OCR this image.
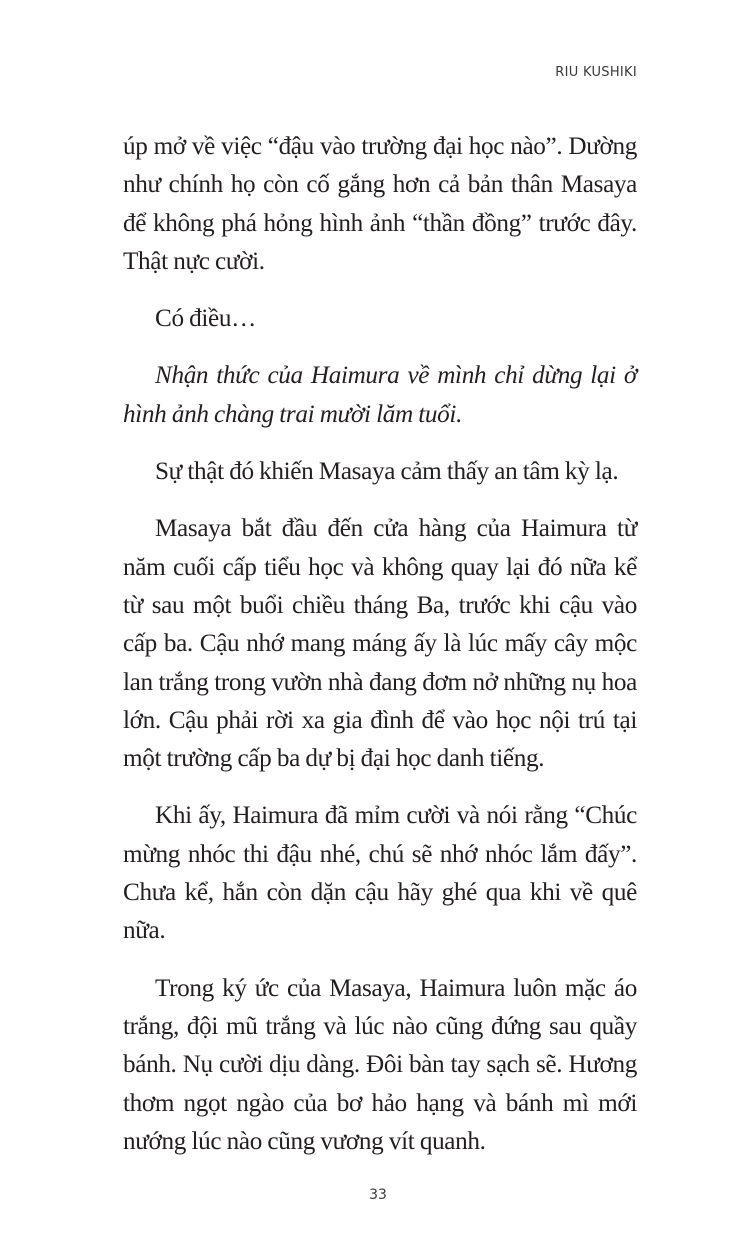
RIU KUSHIKI

úp mở về việc “đậu vào trường đại học nào”. Dường như chính họ còn cố gắng hơn cả bản thân Masaya để không phá hỏng hình ảnh “thần đồng” trước đây. Thật nực cười.

Có điều…

Nhận thức của Haimura về mình chỉ dừng lại ở hình ảnh chàng trai mười lăm tuổi.

Sự thật đó khiến Masaya cảm thấy an tâm kỳ lạ.

Masaya bắt đầu đến cửa hàng của Haimura từ năm cuối cấp tiểu học và không quay lại đó nữa kể từ sau một buổi chiều tháng Ba, trước khi cậu vào cấp ba. Cậu nhớ mang máng ấy là lúc mấy cây mộc lan trắng trong vườn nhà đang đơm nở những nụ hoa lớn. Cậu phải rời xa gia đình để vào học nội trú tại một trường cấp ba dự bị đại học danh tiếng.

Khi ấy, Haimura đã mỉm cười và nói rằng “Chúc mừng nhóc thi đậu nhé, chú sẽ nhớ nhóc lắm đấy”. Chưa kể, hắn còn dặn cậu hãy ghé qua khi về quê nữa.

Trong ký ức của Masaya, Haimura luôn mặc áo trắng, đội mũ trắng và lúc nào cũng đứng sau quầy bánh. Nụ cười dịu dàng. Đôi bàn tay sạch sẽ. Hương thơm ngọt ngào của bơ hảo hạng và bánh mì mới nướng lúc nào cũng vương vít quanh.

33
